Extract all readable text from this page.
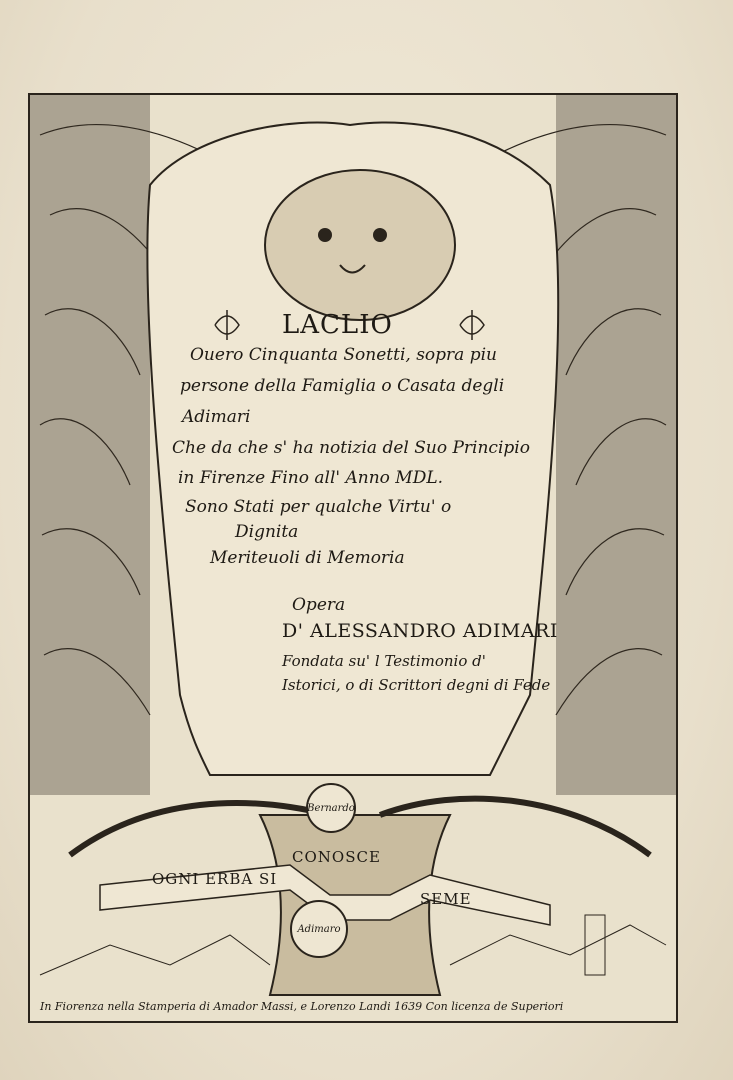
LACLIO
Ouero Cinquanta Sonetti, sopra piu
persone della Famiglia o Casata degli
Adimari
Che da che s' ha notizia del Suo Principio
in Firenze Fino all' Anno MDL.
Sono Stati per qualche Virtu' o
Dignita
Meriteuoli di Memoria
Opera
D' ALESSANDRO ADIMARI
Fondata su' l Testimonio d'
Istorici, o di Scrittori degni di Fede
Bernardo
Adimaro
OGNI ERBA SI
CONOSCE
SEME
In Fiorenza nella Stamperia di Amador Massi, e Lorenzo Landi 1639 Con licenza de Superiori
